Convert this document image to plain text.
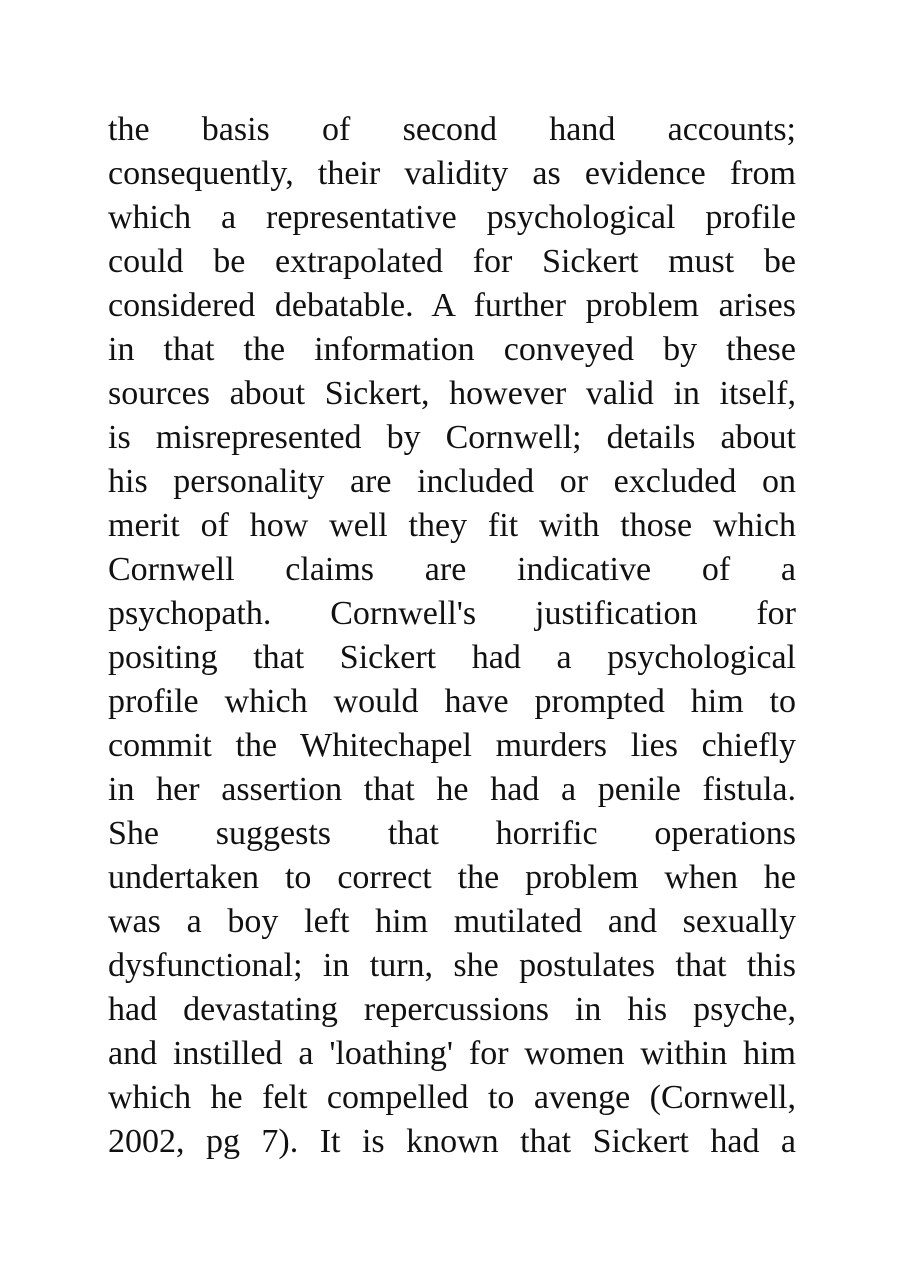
the basis of second hand accounts;
consequently, their validity as evidence from
which a representative psychological profile
could be extrapolated for Sickert must be
considered debatable. A further problem arises
in that the information conveyed by these
sources about Sickert, however valid in itself,
is misrepresented by Cornwell; details about
his personality are included or excluded on
merit of how well they fit with those which
Cornwell claims are indicative of a
psychopath. Cornwell's justification for
positing that Sickert had a psychological
profile which would have prompted him to
commit the Whitechapel murders lies chiefly
in her assertion that he had a penile fistula.
She suggests that horrific operations
undertaken to correct the problem when he
was a boy left him mutilated and sexually
dysfunctional; in turn, she postulates that this
had devastating repercussions in his psyche,
and instilled a 'loathing' for women within him
which he felt compelled to avenge (Cornwell,
2002, pg 7). It is known that Sickert had a
